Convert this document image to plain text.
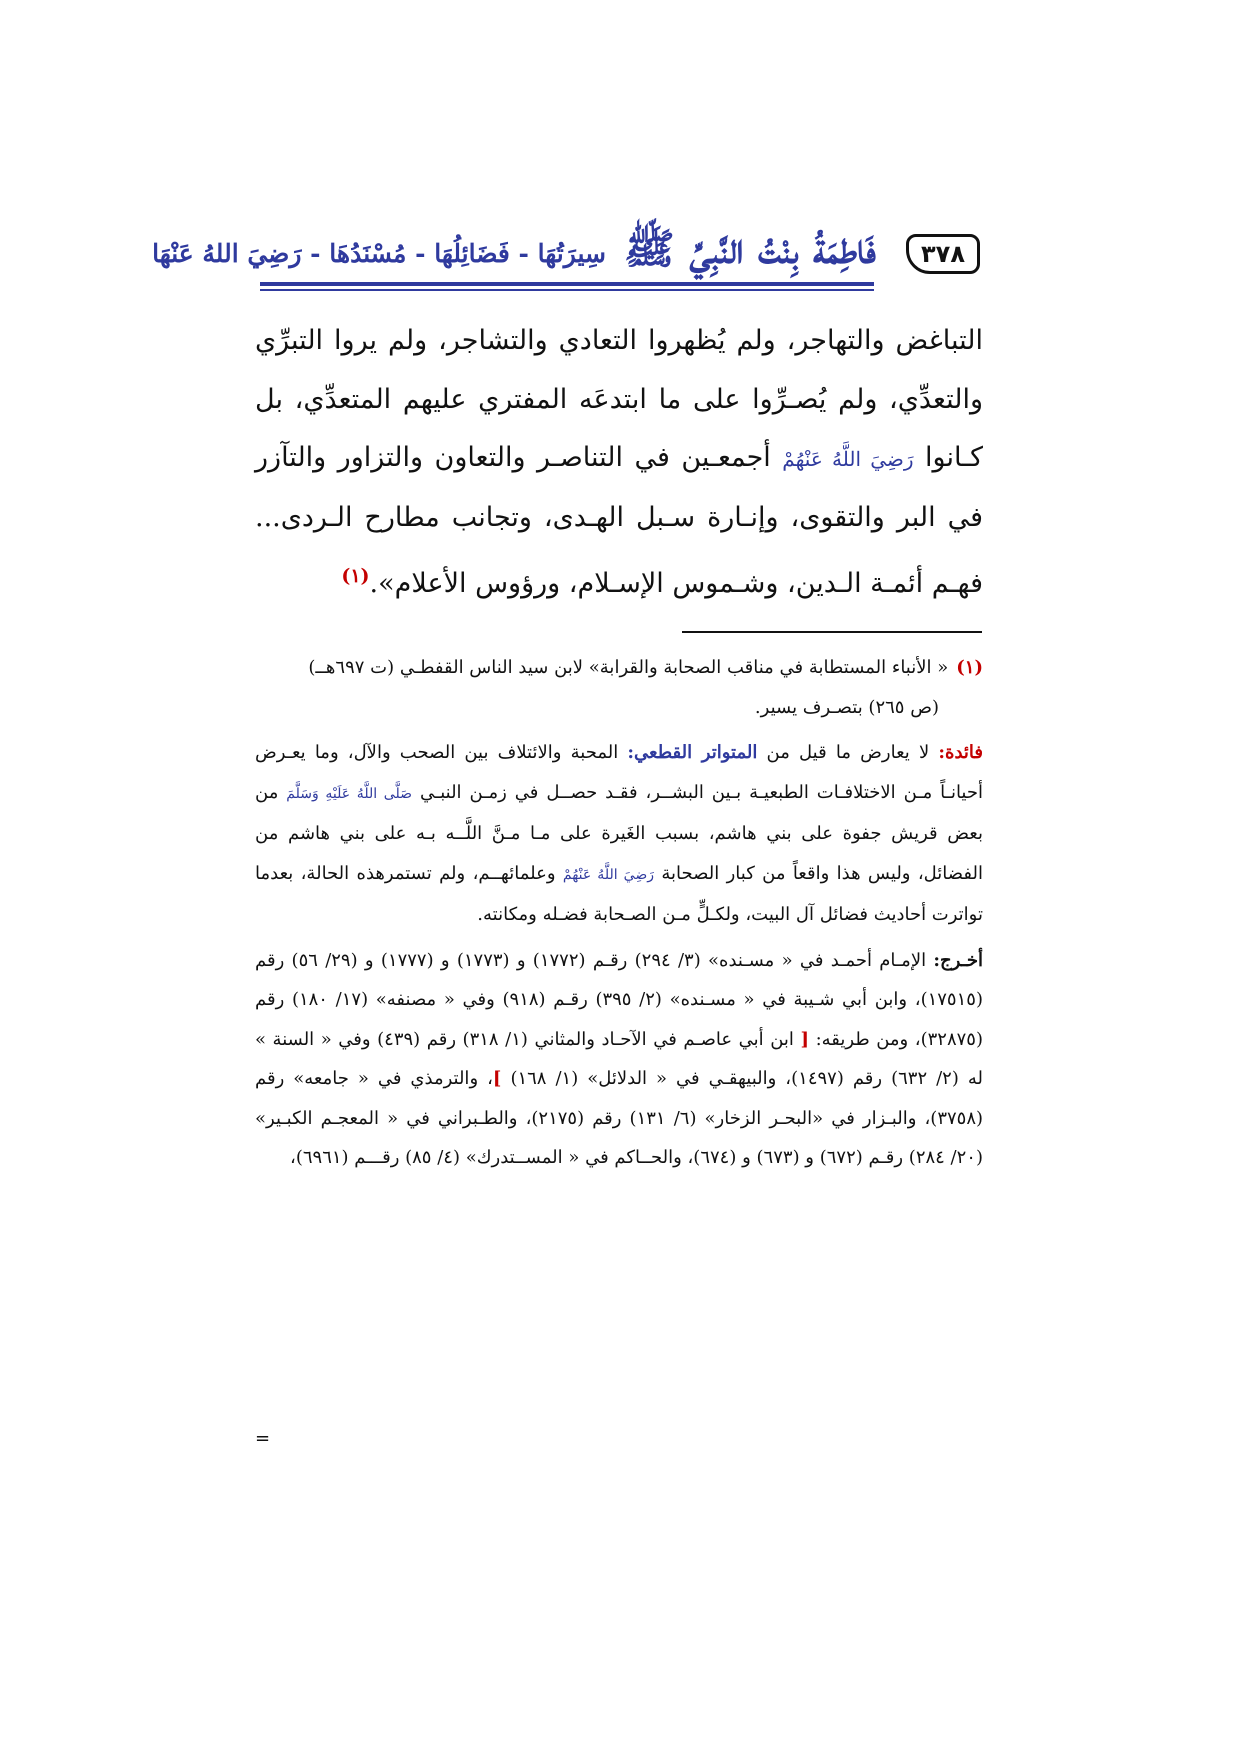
٣٧٨
فَاطِمَةُ بِنْتُ النَّبِيِّ ﷺ
سِيرَتُهَا - فَضَائِلُهَا - مُسْنَدُهَا - رَضِيَ اللهُ عَنْهَا
التباغض والتهاجر، ولم يُظهروا التعادي والتشاجر، ولم يروا التبرِّي والتعدِّي، ولم يُصـرِّوا على ما ابتدعَه المفتري عليهم المتعدِّي، بل كـانوا رَضِيَ اللَّهُ عَنْهُمْ أجمعـين في التناصـر والتعاون والتزاور والتآزر في البر والتقوى، وإنـارة سـبل الهـدى، وتجانب مطارح الـردى... فهـم أئمـة الـدين، وشـموس الإسـلام، ورؤوس الأعلام».$^{(١)}$

(١)« الأنباء المستطابة في مناقب الصحابة والقرابة» لابن سيد الناس القفطـي (ت ٦٩٧هــ)
(ص ٢٦٥) بتصـرف يسير.

فائدة: لا يعارض ما قيل من المتواتر القطعي: المحبة والائتلاف بين الصحب والآل، وما يعـرض أحيانـاً مـن الاختلافـات الطبعيـة بـين البشــر، فقـد حصــل في زمـن النبـي صَلَّى اللَّهُ عَلَيْهِ وَسَلَّمَ من بعض قريش جفوة على بني هاشم، بسبب الغَيرة على مـا مـنَّ اللَّــه بـه على بني هاشم من الفضائل، وليس هذا واقعاً من كبار الصحابة رَضِيَ اللَّهُ عَنْهُمْ وعلمائهــم، ولم تستمرهذه الحالة، بعدما تواترت أحاديث فضائل آل البيت، ولكـلٍّ مـن الصـحابة فضـله ومكانته.

أخـرج: الإمـام أحمـد في « مسـنده» (٣/ ٢٩٤) رقـم (١٧٧٢) و (١٧٧٣) و (١٧٧٧) و (٢٩/ ٥٦) رقم (١٧٥١٥)، وابن أبي شـيبة في « مسـنده» (٢/ ٣٩٥) رقـم (٩١٨) وفي « مصنفه» (١٧/ ١٨٠) رقم (٣٢٨٧٥)، ومن طريقه: [ ابن أبي عاصـم في الآحـاد والمثاني (١/ ٣١٨) رقم (٤٣٩) وفي « السنة » له (٢/ ٦٣٢) رقم (١٤٩٧)، والبيهقـي في « الدلائل» (١/ ١٦٨) ]، والترمذي في « جامعه» رقم (٣٧٥٨)، والبـزار في «البحـر الزخار» (٦/ ١٣١) رقم (٢١٧٥)، والطـبراني في « المعجـم الكبـير» (٢٠/ ٢٨٤) رقـم (٦٧٢) و (٦٧٣) و (٦٧٤)، والحــاكم في « المســتدرك» (٤/ ٨٥) رقـــم (٦٩٦١)،

=
